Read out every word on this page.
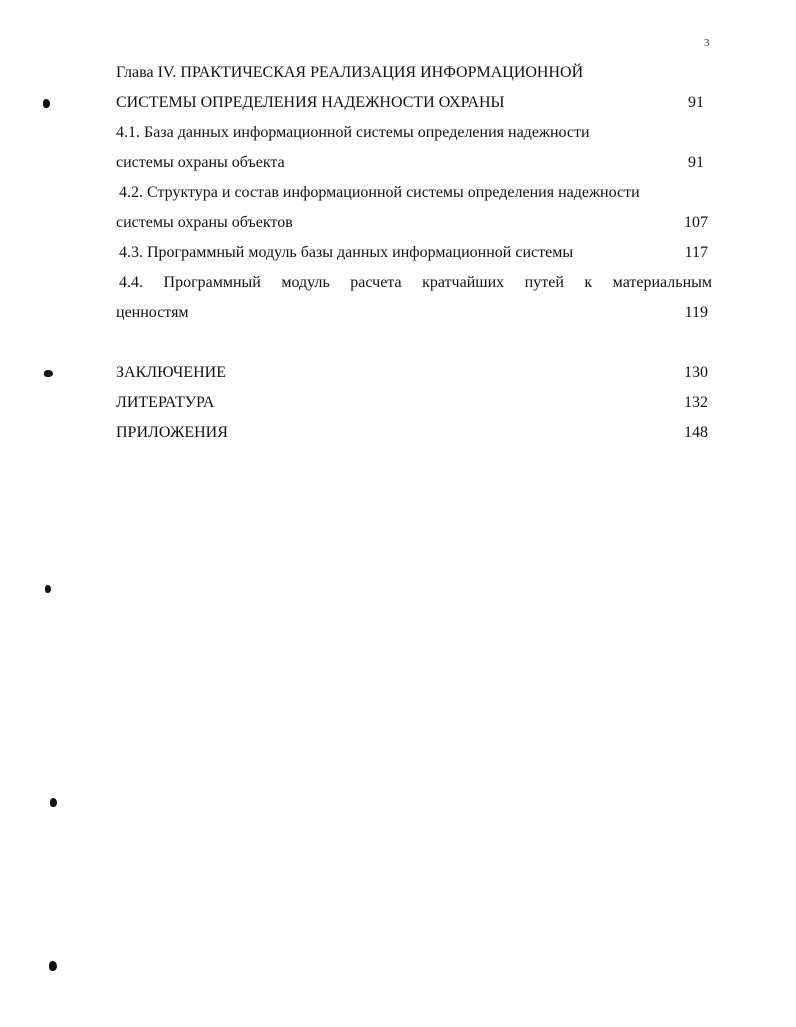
3
Глава IV. ПРАКТИЧЕСКАЯ РЕАЛИЗАЦИЯ ИНФОРМАЦИОННОЙ
СИСТЕМЫ ОПРЕДЕЛЕНИЯ НАДЕЖНОСТИ ОХРАНЫ	91
4.1. База данных информационной системы определения надежности
системы охраны объекта	91
4.2. Структура и состав информационной системы определения надежности
системы охраны объектов	107
4.3. Программный модуль базы данных информационной системы	117
4.4. Программный модуль расчета кратчайших путей к материальным
ценностям	119
ЗАКЛЮЧЕНИЕ	130
ЛИТЕРАТУРА	132
ПРИЛОЖЕНИЯ	148
